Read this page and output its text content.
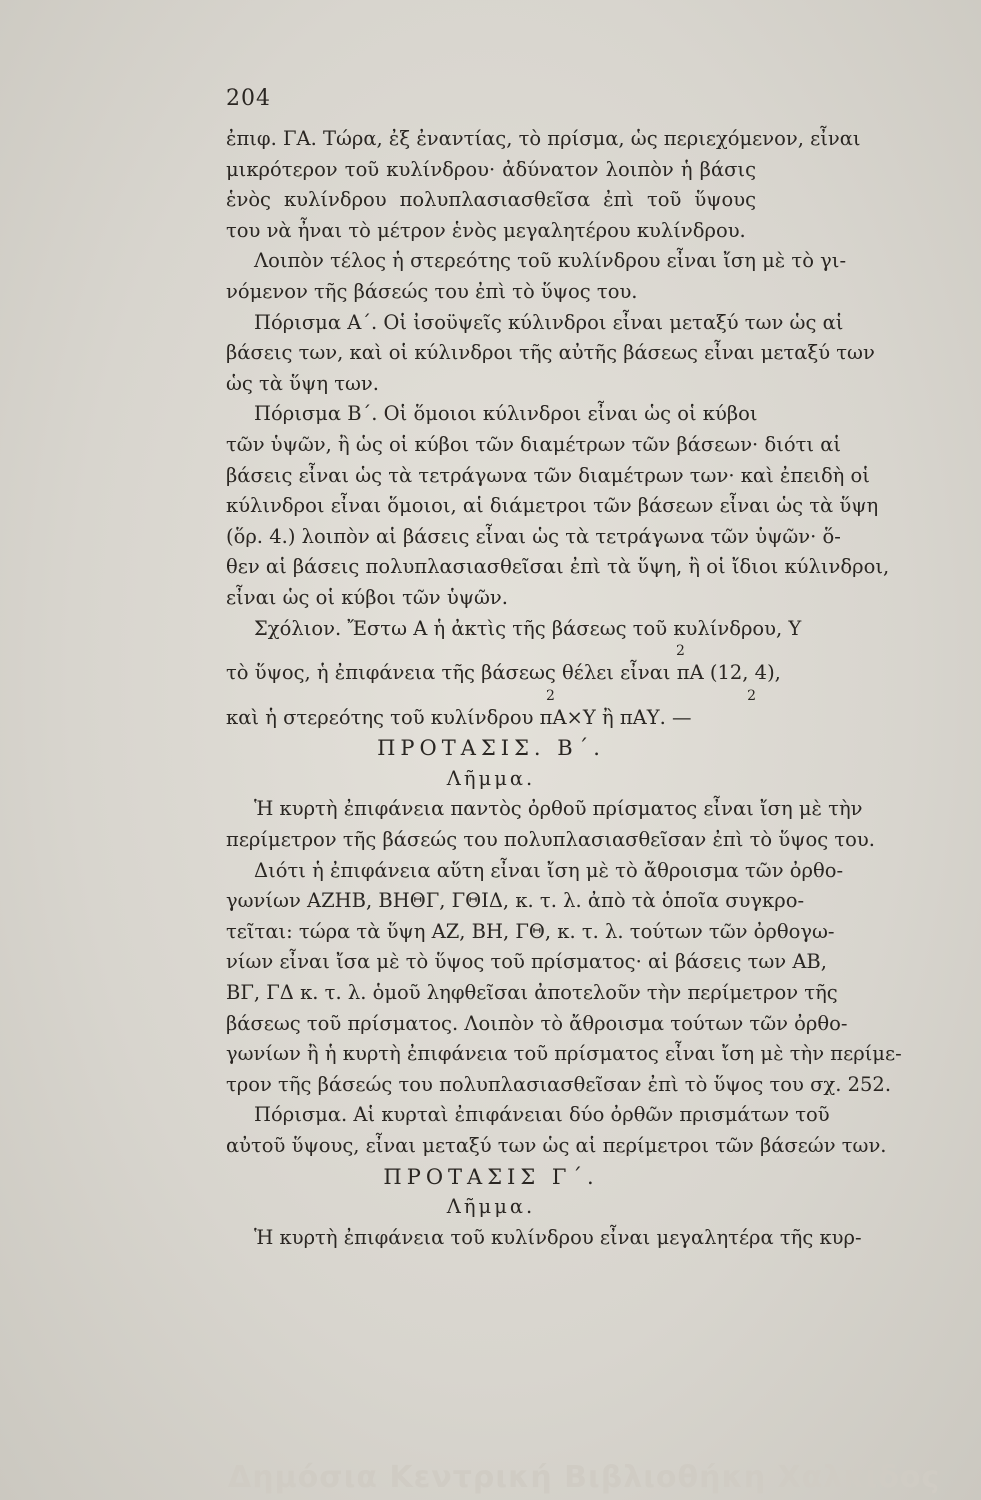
204
ἐπιφ. ΓΑ. Τώρα, ἐξ ἐναντίας, τὸ πρίσμα, ὡς περιεχόμενον, εἶναι
μικρότερον τοῦ κυλίνδρου· ἀδύνατον λοιπὸν ἡ βάσις
ἑνὸς κυλίνδρου πολυπλασιασθεῖσα ἐπὶ τοῦ ὕψους
του νὰ ἦναι τὸ μέτρον ἑνὸς μεγαλητέρου κυλίνδρου.
Λοιπὸν τέλος ἡ στερεότης τοῦ κυλίνδρου εἶναι ἴση μὲ τὸ γι-
νόμενον τῆς βάσεώς του ἐπὶ τὸ ὕψος του.
Πόρισμα Α΄. Οἱ ἰσοϋψεῖς κύλινδροι εἶναι μεταξύ των ὡς αἱ
βάσεις των, καὶ οἱ κύλινδροι τῆς αὐτῆς βάσεως εἶναι μεταξύ των
ὡς τὰ ὕψη των.
Πόρισμα Β΄. Οἱ ὅμοιοι κύλινδροι εἶναι ὡς οἱ κύβοι
τῶν ὑψῶν, ἢ ὡς οἱ κύβοι τῶν διαμέτρων τῶν βάσεων· διότι αἱ
βάσεις εἶναι ὡς τὰ τετράγωνα τῶν διαμέτρων των· καὶ ἐπειδὴ οἱ
κύλινδροι εἶναι ὅμοιοι, αἱ διάμετροι τῶν βάσεων εἶναι ὡς τὰ ὕψη
(ὅρ. 4.) λοιπὸν αἱ βάσεις εἶναι ὡς τὰ τετράγωνα τῶν ὑψῶν· ὅ-
θεν αἱ βάσεις πολυπλασιασθεῖσαι ἐπὶ τὰ ὕψη, ἢ οἱ ἴδιοι κύλινδροι,
εἶναι ὡς οἱ κύβοι τῶν ὑψῶν.
Σχόλιον. Ἔστω Α ἡ ἀκτὶς τῆς βάσεως τοῦ κυλίνδρου, Υ
2
τὸ ὕψος, ἡ ἐπιφάνεια τῆς βάσεως θέλει εἶναι πΑ (12, 4),
2 2
καὶ ἡ στερεότης τοῦ κυλίνδρου πΑ×Υ ἢ πΑΥ. —
ΠΡΟΤΑΣΙΣ. Β΄.
Λῆμμα.
Ἡ κυρτὴ ἐπιφάνεια παντὸς ὀρθοῦ πρίσματος εἶναι ἴση μὲ τὴν
περίμετρον τῆς βάσεώς του πολυπλασιασθεῖσαν ἐπὶ τὸ ὕψος του.
Διότι ἡ ἐπιφάνεια αὕτη εἶναι ἴση μὲ τὸ ἄθροισμα τῶν ὀρθο-
γωνίων ΑΖΗΒ, ΒΗΘΓ, ΓΘΙΔ, κ. τ. λ. ἀπὸ τὰ ὁποῖα συγκρο-
τεῖται: τώρα τὰ ὕψη ΑΖ, ΒΗ, ΓΘ, κ. τ. λ. τούτων τῶν ὀρθογω-
νίων εἶναι ἴσα μὲ τὸ ὕψος τοῦ πρίσματος· αἱ βάσεις των ΑΒ,
ΒΓ, ΓΔ κ. τ. λ. ὁμοῦ ληφθεῖσαι ἀποτελοῦν τὴν περίμετρον τῆς
βάσεως τοῦ πρίσματος. Λοιπὸν τὸ ἄθροισμα τούτων τῶν ὀρθο-
γωνίων ἢ ἡ κυρτὴ ἐπιφάνεια τοῦ πρίσματος εἶναι ἴση μὲ τὴν περίμε-
τρον τῆς βάσεώς του πολυπλασιασθεῖσαν ἐπὶ τὸ ὕψος του σχ. 252.
Πόρισμα. Αἱ κυρταὶ ἐπιφάνειαι δύο ὀρθῶν πρισμάτων τοῦ
αὐτοῦ ὕψους, εἶναι μεταξύ των ὡς αἱ περίμετροι τῶν βάσεών των.
ΠΡΟΤΑΣΙΣ Γ΄.
Λῆμμα.
Ἡ κυρτὴ ἐπιφάνεια τοῦ κυλίνδρου εἶναι μεγαλητέρα τῆς κυρ-
Δημόσια Κεντρική Βιβλιοθήκη Χαλκίδος
